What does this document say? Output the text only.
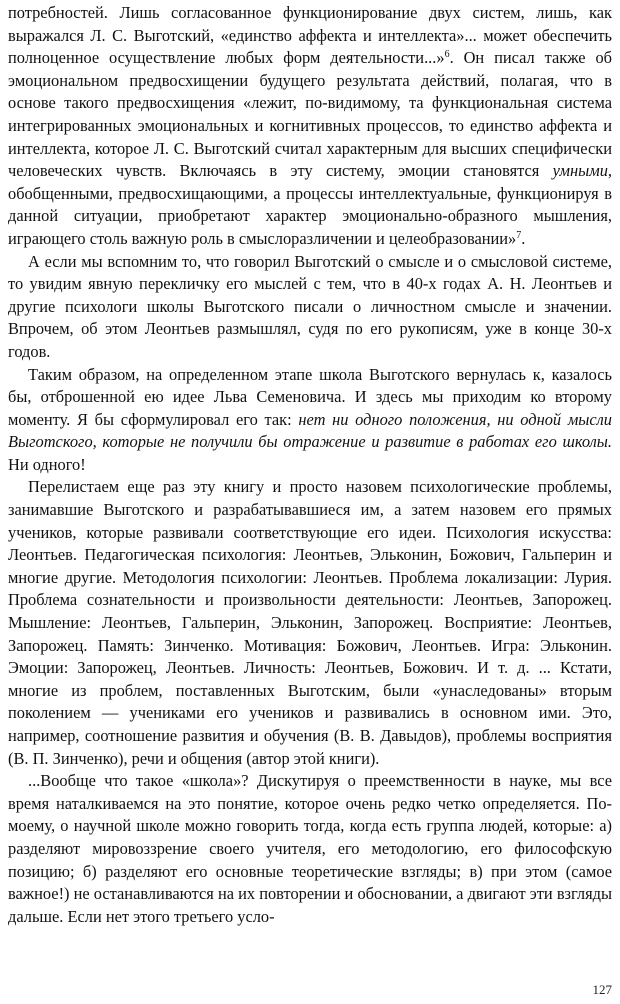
потребностей. Лишь согласованное функционирование двух систем, лишь, как выражался Л. С. Выготский, «единство аффекта и интеллекта»... может обеспечить полноценное осуществление любых форм деятельности...»$^6$. Он писал также об эмоциональном предвосхищении будущего результата действий, полагая, что в основе такого предвосхищения «лежит, по-видимому, та функциональная система интегрированных эмоциональных и когнитивных процессов, то единство аффекта и интеллекта, которое Л. С. Выготский считал характерным для высших специфически человеческих чувств. Включаясь в эту систему, эмоции становятся умными, обобщенными, предвосхищающими, а процессы интеллектуальные, функционируя в данной ситуации, приобретают характер эмоционально-образного мышления, играющего столь важную роль в смыслоразличении и целеобразовании»$^7$.

А если мы вспомним то, что говорил Выготский о смысле и о смысловой системе, то увидим явную перекличку его мыслей с тем, что в 40-х годах А. Н. Леонтьев и другие психологи школы Выготского писали о личностном смысле и значении. Впрочем, об этом Леонтьев размышлял, судя по его рукописям, уже в конце 30-х годов.

Таким образом, на определенном этапе школа Выготского вернулась к, казалось бы, отброшенной ею идее Льва Семеновича. И здесь мы приходим ко второму моменту. Я бы сформулировал его так: нет ни одного положения, ни одной мысли Выготского, которые не получили бы отражение и развитие в работах его школы. Ни одного!

Перелистаем еще раз эту книгу и просто назовем психологические проблемы, занимавшие Выготского и разрабатывавшиеся им, а затем назовем его прямых учеников, которые развивали соответствующие его идеи. Психология искусства: Леонтьев. Педагогическая психология: Леонтьев, Эльконин, Божович, Гальперин и многие другие. Методология психологии: Леонтьев. Проблема локализации: Лурия. Проблема сознательности и произвольности деятельности: Леонтьев, Запорожец. Мышление: Леонтьев, Гальперин, Эльконин, Запорожец. Восприятие: Леонтьев, Запорожец. Память: Зинченко. Мотивация: Божович, Леонтьев. Игра: Эльконин. Эмоции: Запорожец, Леонтьев. Личность: Леонтьев, Божович. И т. д. ... Кстати, многие из проблем, поставленных Выготским, были «унаследованы» вторым поколением — учениками его учеников и развивались в основном ими. Это, например, соотношение развития и обучения (В. В. Давыдов), проблемы восприятия (В. П. Зинченко), речи и общения (автор этой книги).

...Вообще что такое «школа»? Дискутируя о преемственности в науке, мы все время наталкиваемся на это понятие, которое очень редко четко определяется. По-моему, о научной школе можно говорить тогда, когда есть группа людей, которые: а) разделяют мировоззрение своего учителя, его методологию, его философскую позицию; б) разделяют его основные теоретические взгляды; в) при этом (самое важное!) не останавливаются на их повторении и обосновании, а двигают эти взгляды дальше. Если нет этого третьего усло-

127
